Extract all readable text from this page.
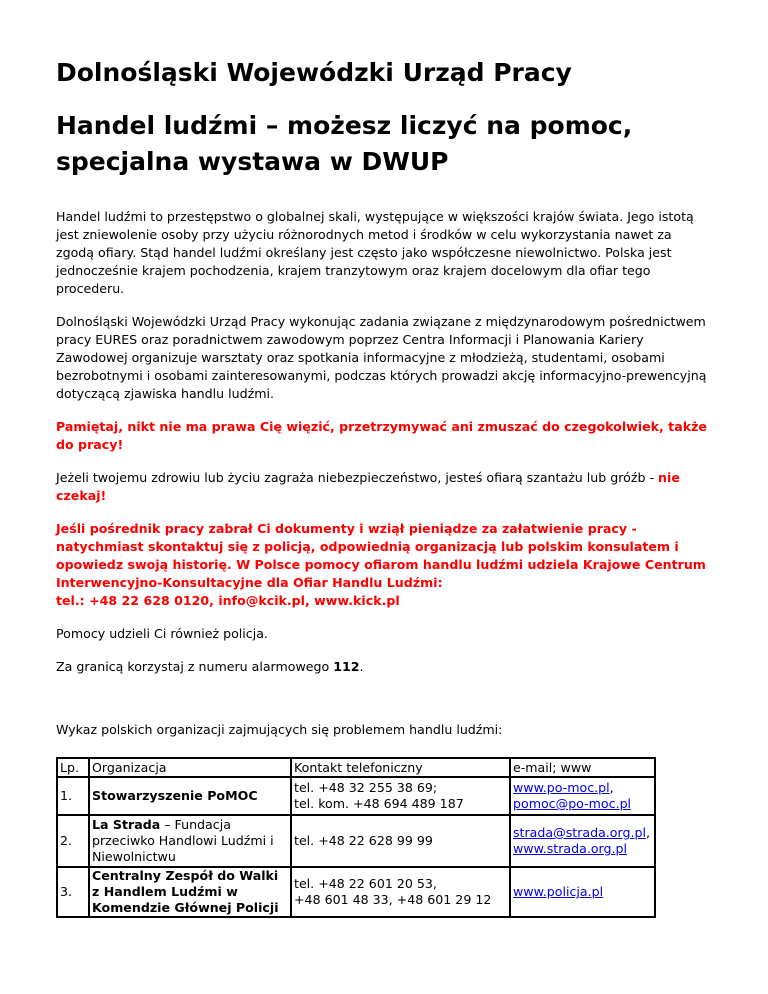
Dolnośląski Wojewódzki Urząd Pracy
Handel ludźmi – możesz liczyć na pomoc, specjalna wystawa w DWUP

Handel ludźmi to przestępstwo o globalnej skali, występujące w większości krajów świata. Jego istotą jest zniewolenie osoby przy użyciu różnorodnych metod i środków w celu wykorzystania nawet za zgodą ofiary. Stąd handel ludźmi określany jest często jako współczesne niewolnictwo. Polska jest jednocześnie krajem pochodzenia, krajem tranzytowym oraz krajem docelowym dla ofiar tego procederu.

Dolnośląski Wojewódzki Urząd Pracy wykonując zadania związane z międzynarodowym pośrednictwem pracy EURES oraz poradnictwem zawodowym poprzez Centra Informacji i Planowania Kariery Zawodowej organizuje warsztaty oraz spotkania informacyjne z młodzieżą, studentami, osobami bezrobotnymi i osobami zainteresowanymi, podczas których prowadzi akcję informacyjno-prewencyjną dotyczącą zjawiska handlu ludźmi.

Pamiętaj, nikt nie ma prawa Cię więzić, przetrzymywać ani zmuszać do czegokolwiek, także do pracy!

Jeżeli twojemu zdrowiu lub życiu zagraża niebezpieczeństwo, jesteś ofiarą szantażu lub gróźb - nie czekaj!

Jeśli pośrednik pracy zabrał Ci dokumenty i wziął pieniądze za załatwienie pracy - natychmiast skontaktuj się z policją, odpowiednią organizacją lub polskim konsulatem i opowiedz swoją historię. W Polsce pomocy ofiarom handlu ludźmi udziela Krajowe Centrum Interwencyjno-Konsultacyjne dla Ofiar Handlu Ludźmi:
tel.: +48 22 628 0120, info@kcik.pl, www.kick.pl

Pomocy udzieli Ci również policja.

Za granicą korzystaj z numeru alarmowego 112.

Wykaz polskich organizacji zajmujących się problemem handlu ludźmi:

Lp.	Organizacja	Kontakt telefoniczny	e-mail; www
1.	Stowarzyszenie PoMOC	tel. +48 32 255 38 69;
tel. kom. +48 694 489 187	www.po-moc.pl,
pomoc@po-moc.pl
2.	La Strada – Fundacja przeciwko Handlowi Ludźmi i Niewolnictwu	tel. +48 22 628 99 99	strada@strada.org.pl,
www.strada.org.pl
3.	Centralny Zespół do Walki z Handlem Ludźmi w Komendzie Głównej Policji	tel. +48 22 601 20 53,
+48 601 48 33, +48 601 29 12	www.policja.pl
